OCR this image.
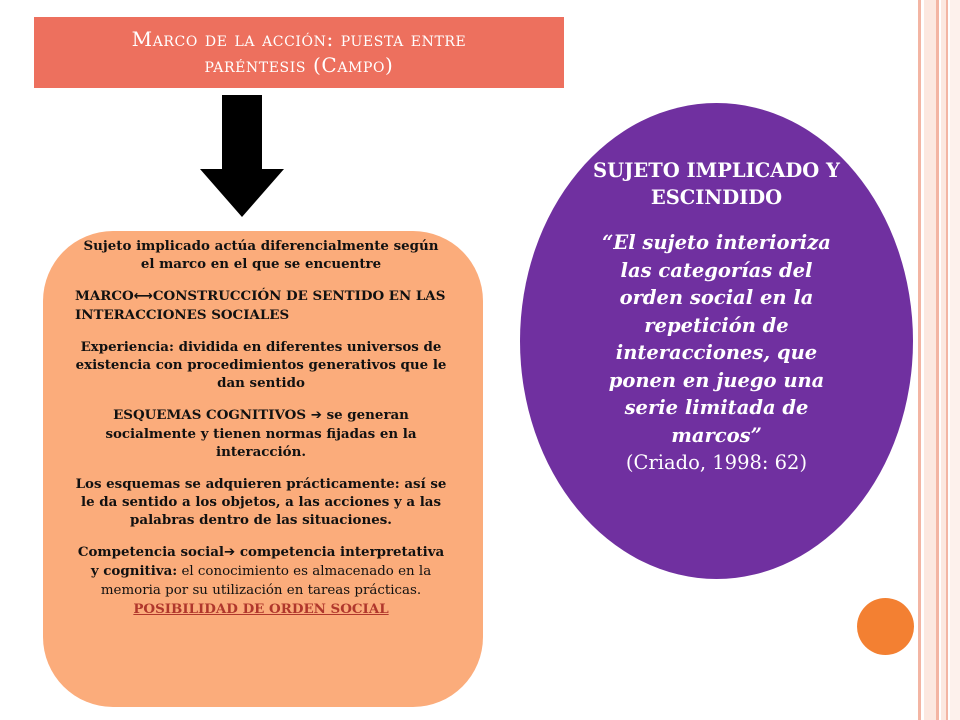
Marco de la acción: puesta entre
paréntesis (Campo)

Sujeto implicado actúa diferencialmente según el marco en el que se encuentre

MARCO⟷CONSTRUCCIÓN DE SENTIDO EN LAS INTERACCIONES SOCIALES

Experiencia: dividida en diferentes universos de existencia con procedimientos generativos que le dan sentido

ESQUEMAS COGNITIVOS ➔ se generan socialmente y tienen normas fijadas en la interacción.

Los esquemas se adquieren prácticamente: así se le da sentido a los objetos, a las acciones y a las palabras dentro de las situaciones.

Competencia social➔ competencia interpretativa y cognitiva: el conocimiento es almacenado en la memoria por su utilización en tareas prácticas. POSIBILIDAD DE ORDEN SOCIAL

SUJETO IMPLICADO Y ESCINDIDO

“El sujeto interioriza las categorías del orden social en la repetición de interacciones, que ponen en juego una serie limitada de marcos”

(Criado, 1998: 62)
